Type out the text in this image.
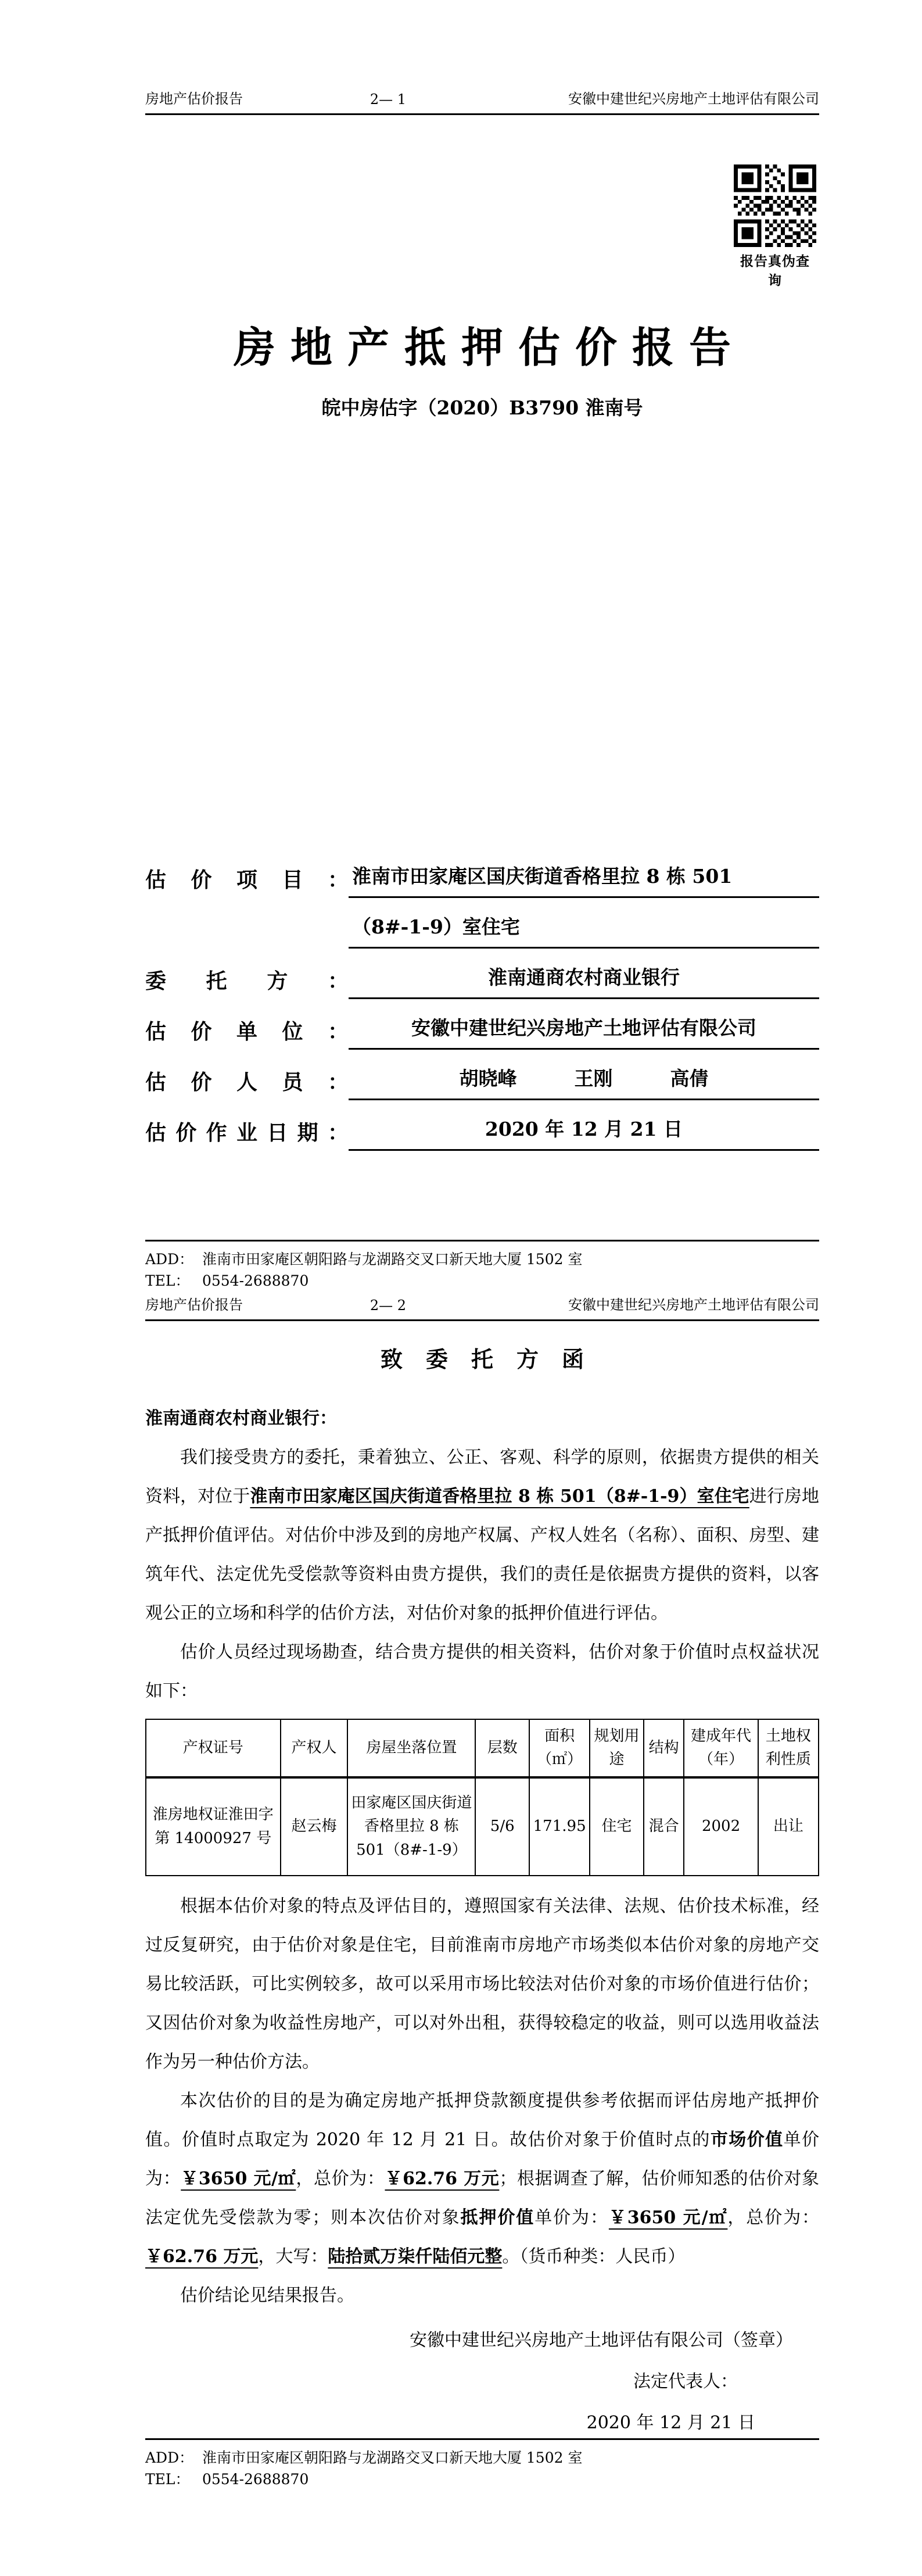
房地产估价报告	2— 1	安徽中建世纪兴房地产土地评估有限公司
报告真伪查询
房地产抵押估价报告
皖中房估字（2020）B3790 淮南号
估价项目： 淮南市田家庵区国庆街道香格里拉 8 栋 501
（8#-1-9）室住宅
委托方：	淮南通商农村商业银行
估价单位：	安徽中建世纪兴房地产土地评估有限公司
估价人员：	胡晓峰　　　王刚　　　高倩
估价作业日期：	2020 年 12 月 21 日
ADD： 淮南市田家庵区朝阳路与龙湖路交叉口新天地大厦 1502 室
TEL： 0554-2688870
房地产估价报告	2— 2	安徽中建世纪兴房地产土地评估有限公司
致委托方函
淮南通商农村商业银行：

我们接受贵方的委托，秉着独立、公正、客观、科学的原则，依据贵方提供的相关资料，对位于淮南市田家庵区国庆街道香格里拉 8 栋 501（8#-1-9）室住宅进行房地产抵押价值评估。对估价中涉及到的房地产权属、产权人姓名（名称）、面积、房型、建筑年代、法定优先受偿款等资料由贵方提供，我们的责任是依据贵方提供的资料，以客观公正的立场和科学的估价方法，对估价对象的抵押价值进行评估。

估价人员经过现场勘查，结合贵方提供的相关资料，估价对象于价值时点权益状况如下：

产权证号	产权人	房屋坐落位置	层数	面积（㎡）	规划用途	结构	建成年代（年）	土地权利性质
淮房地权证淮田字第 14000927 号	赵云梅	田家庵区国庆街道香格里拉 8 栋 501（8#-1-9）	5/6	171.95	住宅	混合	2002	出让

根据本估价对象的特点及评估目的，遵照国家有关法律、法规、估价技术标准，经过反复研究，由于估价对象是住宅，目前淮南市房地产市场类似本估价对象的房地产交易比较活跃，可比实例较多，故可以采用市场比较法对估价对象的市场价值进行估价；又因估价对象为收益性房地产，可以对外出租，获得较稳定的收益，则可以选用收益法作为另一种估价方法。

本次估价的目的是为确定房地产抵押贷款额度提供参考依据而评估房地产抵押价值。价值时点取定为 2020 年 12 月 21 日。故估价对象于价值时点的市场价值单价为：￥3650 元/㎡，总价为：￥62.76 万元；根据调查了解，估价师知悉的估价对象法定优先受偿款为零；则本次估价对象抵押价值单价为：￥3650 元/㎡，总价为：￥62.76 万元，大写：陆拾贰万柒仟陆佰元整。（货币种类：人民币）

估价结论见结果报告。

安徽中建世纪兴房地产土地评估有限公司（签章）
法定代表人：
2020 年 12 月 21 日
ADD： 淮南市田家庵区朝阳路与龙湖路交叉口新天地大厦 1502 室
TEL： 0554-2688870
